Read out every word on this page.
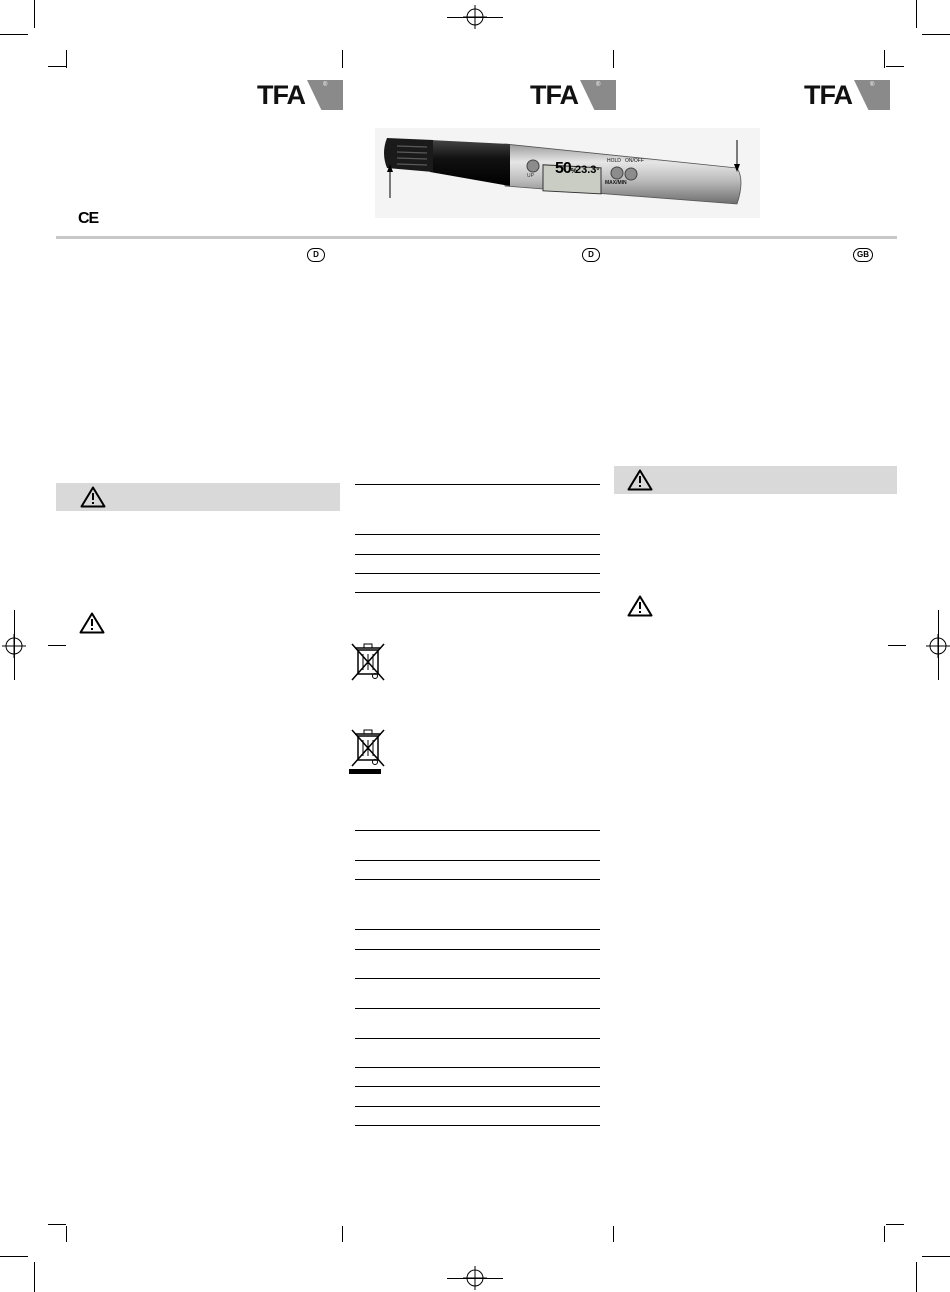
TFA	®	TFA	®	TFA	®
CE
50%
23.3°
UP
HOLD ON/OFF
MAX/MIN
D	D	GB
